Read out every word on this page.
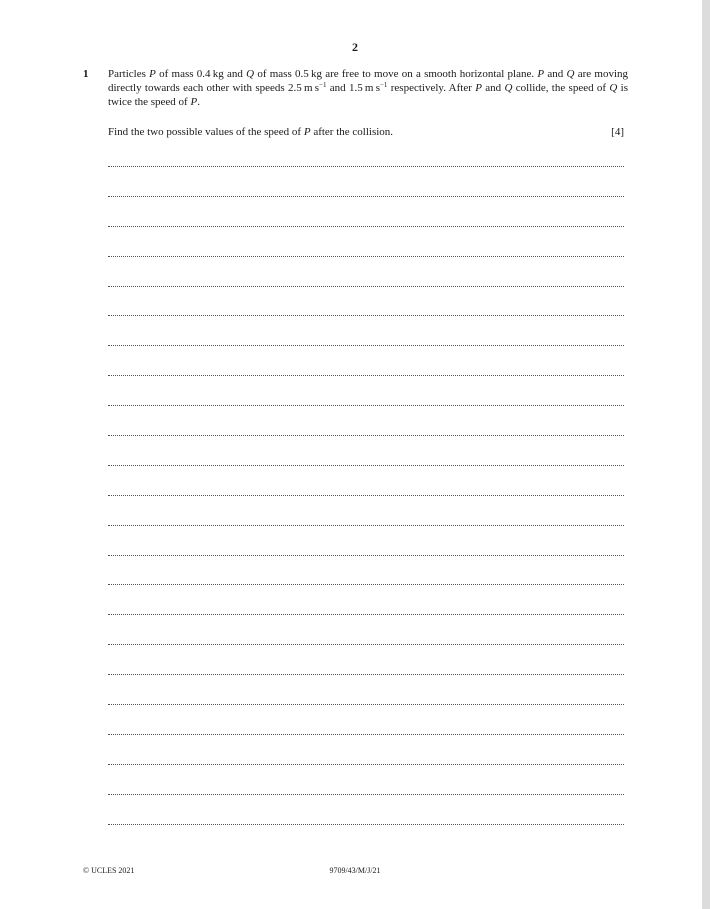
2
1 Particles P of mass 0.4 kg and Q of mass 0.5 kg are free to move on a smooth horizontal plane. P and Q are moving directly towards each other with speeds 2.5 m $s^{-1}$ and 1.5 m $s^{-1}$ respectively. After P and Q collide, the speed of Q is twice the speed of P.
Find the two possible values of the speed of P after the collision.	[4]
© UCLES 2021	9709/43/M/J/21
